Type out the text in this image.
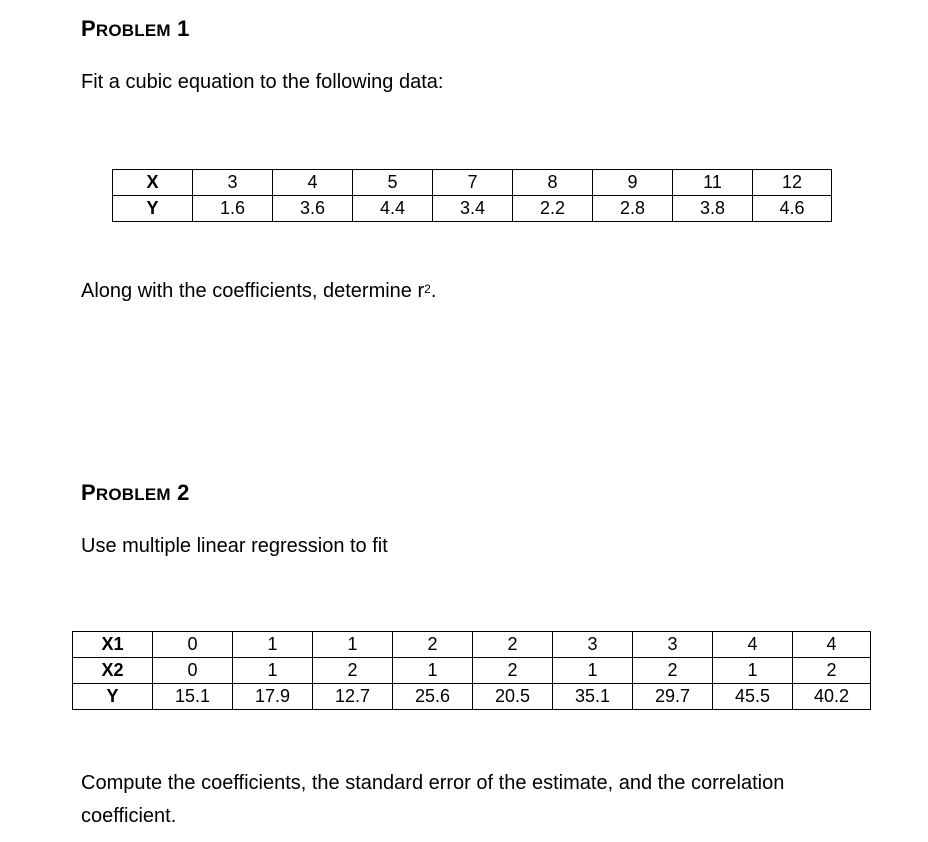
PROBLEM 1

Fit a cubic equation to the following data:

X	3	4	5	7	8	9	11	12
Y	1.6	3.6	4.4	3.4	2.2	2.8	3.8	4.6

Along with the coefficients, determine $r^2$.

PROBLEM 2

Use multiple linear regression to fit

X1	0	1	1	2	2	3	3	4	4
X2	0	1	2	1	2	1	2	1	2
Y	15.1	17.9	12.7	25.6	20.5	35.1	29.7	45.5	40.2

Compute the coefficients, the standard error of the estimate, and the correlation coefficient.
